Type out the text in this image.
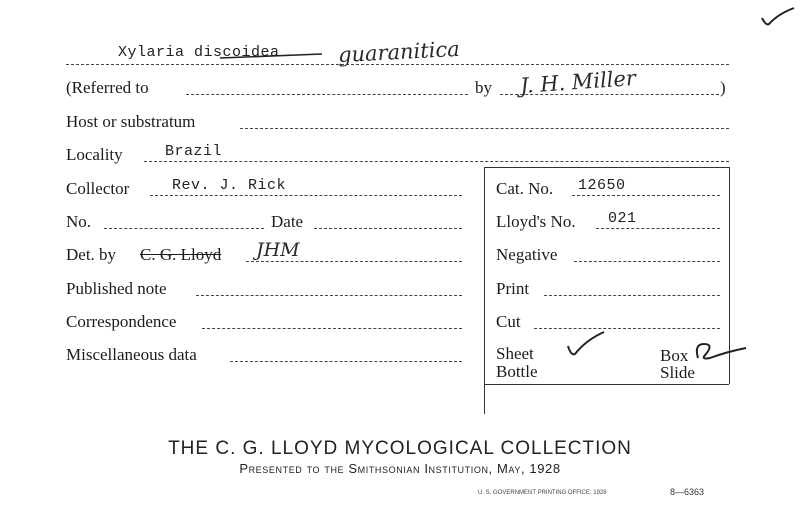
Xylaria discoidea	guaranitica
(Referred to	by J. H. Miller	)
Host or substratum
Locality	Brazil
Collector	Rev. J. Rick	Cat. No. 12650
No.	Date	Lloyd's No. 021
Det. by C. G. Lloyd JHM	Negative
Published note	Print
Correspondence	Cut
Miscellaneous data	Sheet	Box
Bottle	Slide
THE C. G. LLOYD MYCOLOGICAL COLLECTION
Presented to the Smithsonian Institution, May, 1928
U. S. GOVERNMENT PRINTING OFFICE: 1928	8—6363
